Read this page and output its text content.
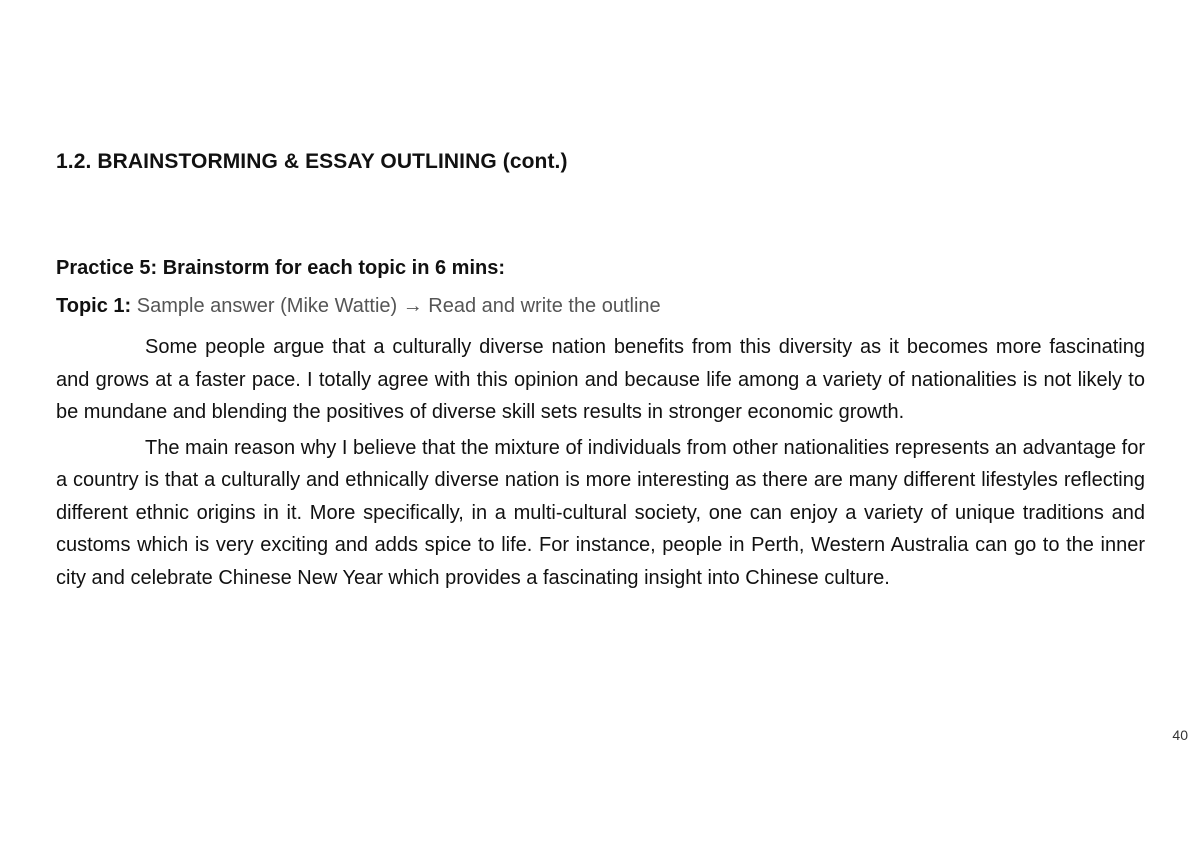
1.2. BRAINSTORMING & ESSAY OUTLINING (cont.)
Practice 5: Brainstorm for each topic in 6 mins:

Topic 1: Sample answer (Mike Wattie) → Read and write the outline

Some people argue that a culturally diverse nation benefits from this diversity as it becomes more fascinating and grows at a faster pace. I totally agree with this opinion and because life among a variety of nationalities is not likely to be mundane and blending the positives of diverse skill sets results in stronger economic growth.

The main reason why I believe that the mixture of individuals from other nationalities represents an advantage for a country is that a culturally and ethnically diverse nation is more interesting as there are many different lifestyles reflecting different ethnic origins in it. More specifically, in a multi-cultural society, one can enjoy a variety of unique traditions and customs which is very exciting and adds spice to life. For instance, people in Perth, Western Australia can go to the inner city and celebrate Chinese New Year which provides a fascinating insight into Chinese culture.

40
